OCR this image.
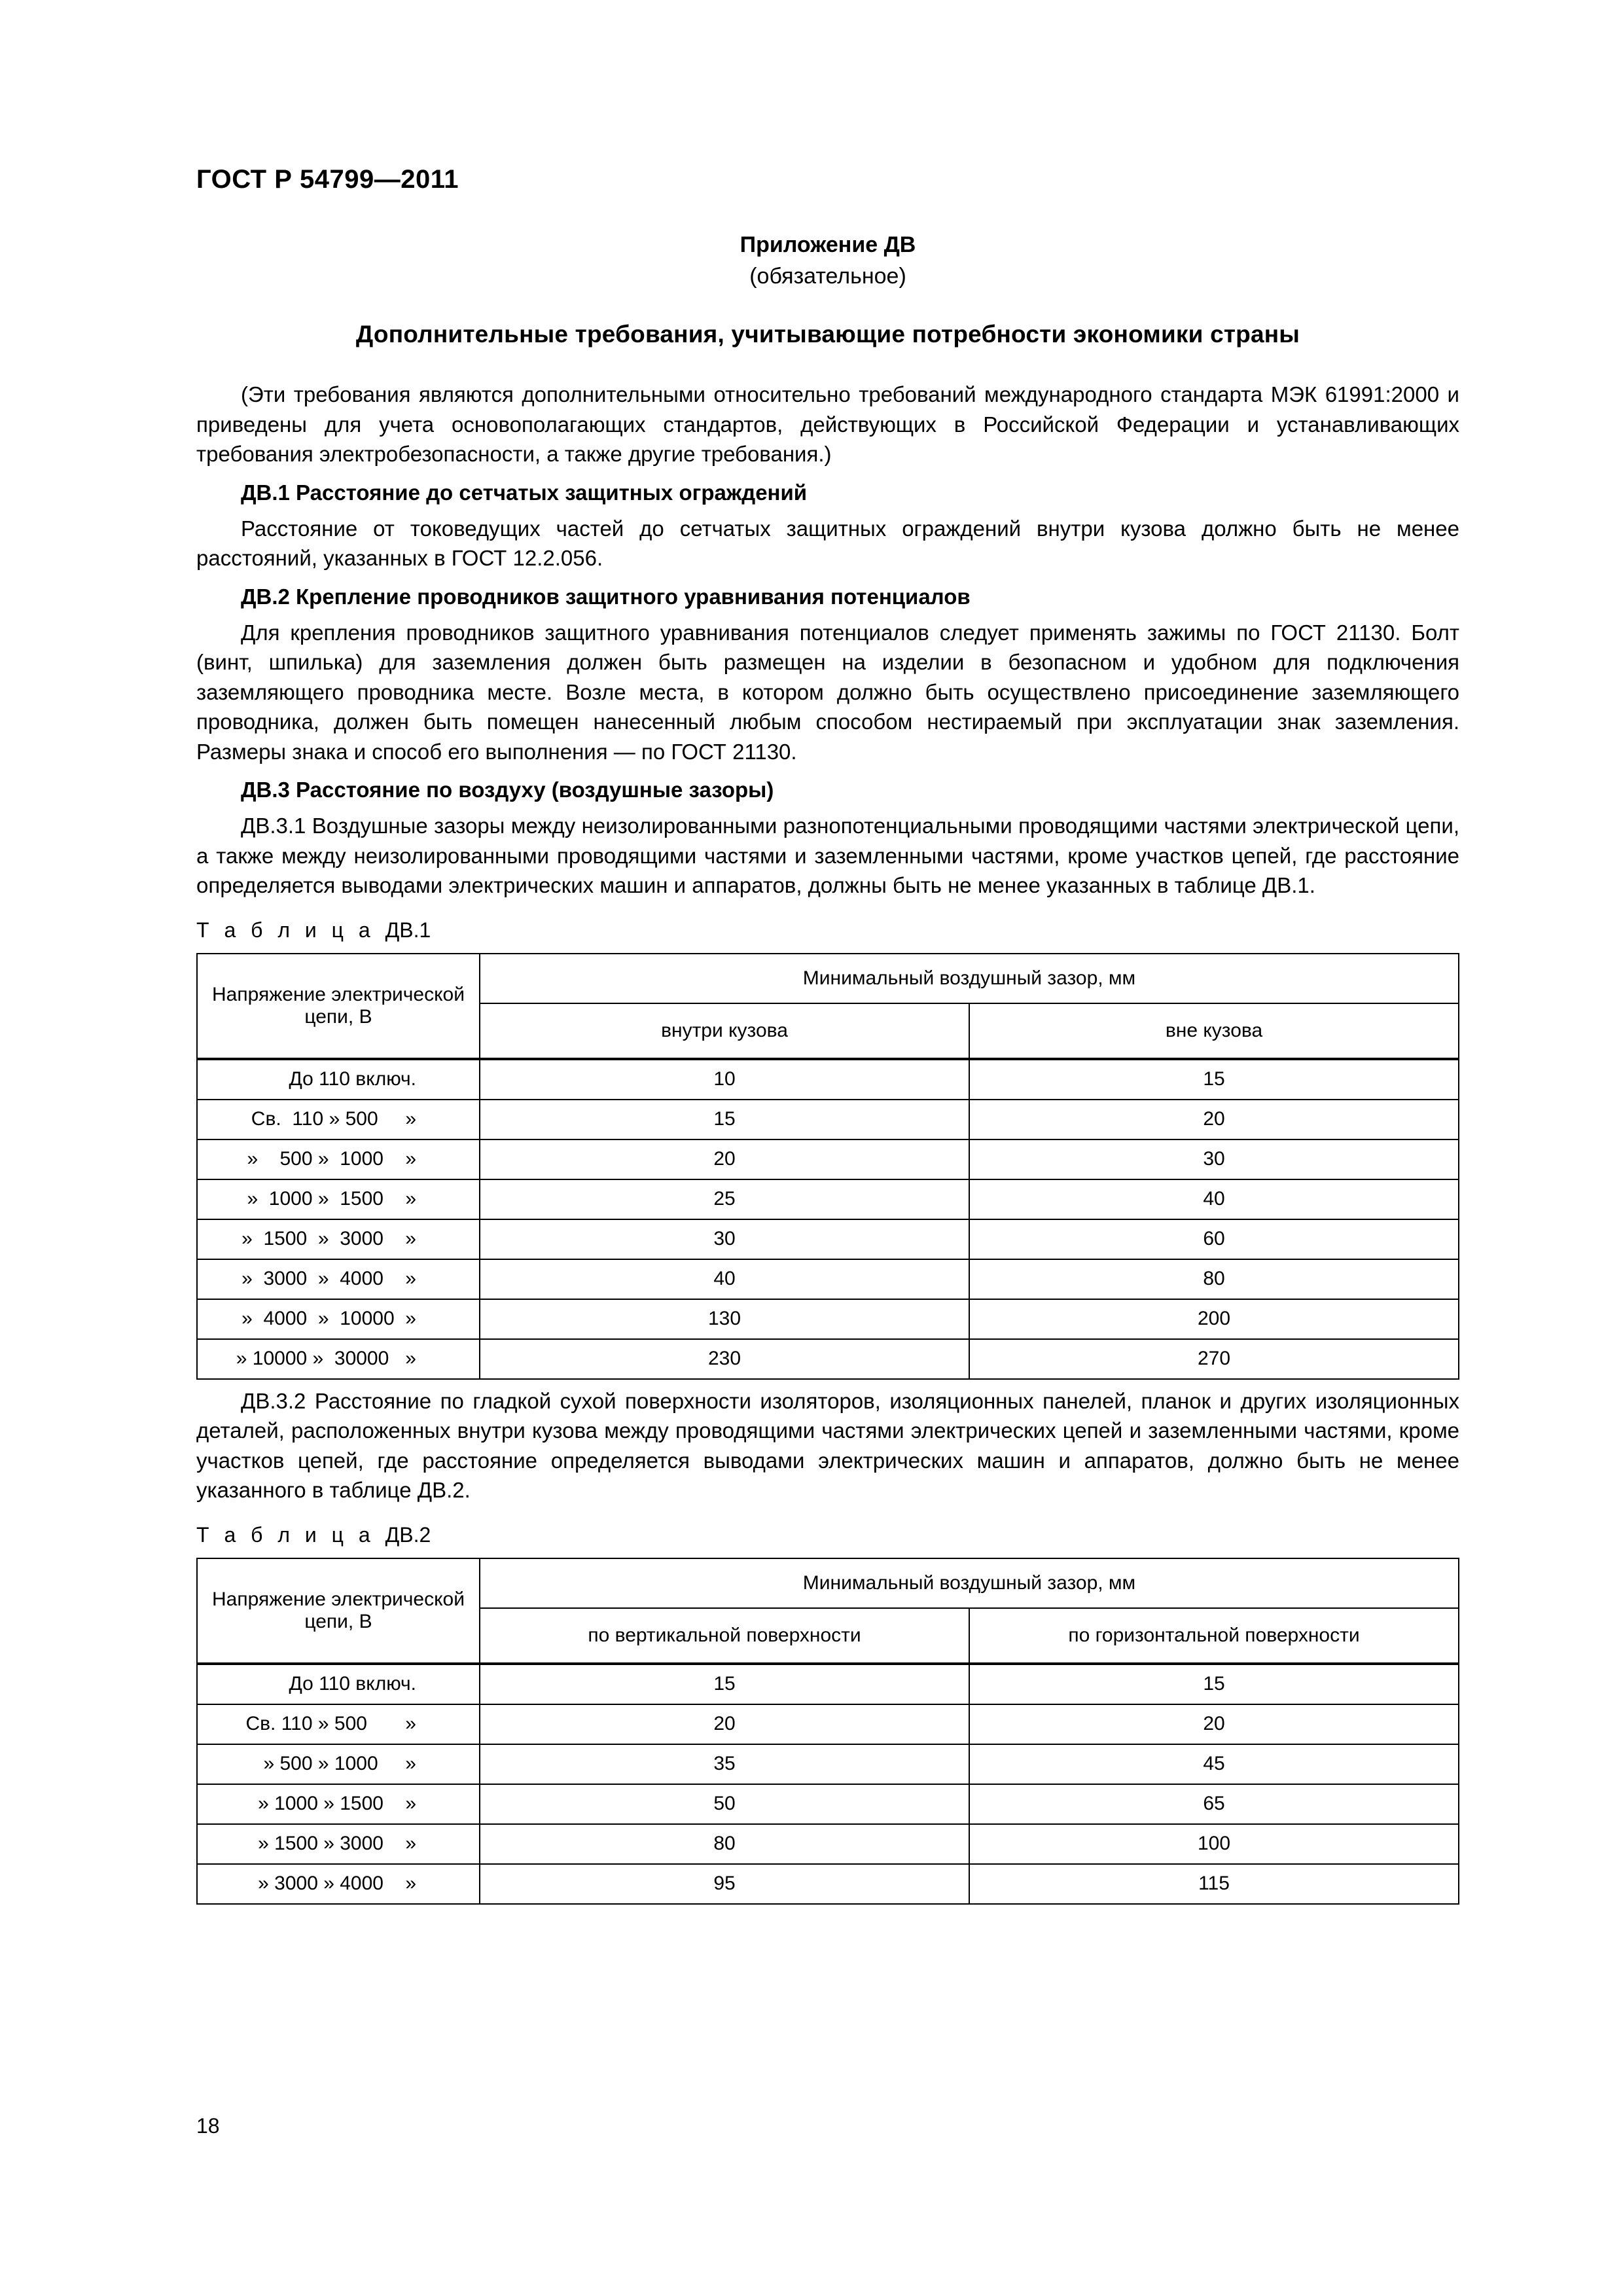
ГОСТ Р 54799—2011
Приложение ДВ
(обязательное)
Дополнительные требования, учитывающие потребности экономики страны

(Эти требования являются дополнительными относительно требований международного стандарта МЭК 61991:2000 и приведены для учета основополагающих стандартов, действующих в Российской Федерации и устанавливающих требования электробезопасности, а также другие требования.)

ДВ.1 Расстояние до сетчатых защитных ограждений

Расстояние от токоведущих частей до сетчатых защитных ограждений внутри кузова должно быть не менее расстояний, указанных в ГОСТ 12.2.056.

ДВ.2 Крепление проводников защитного уравнивания потенциалов

Для крепления проводников защитного уравнивания потенциалов следует применять зажимы по ГОСТ 21130. Болт (винт, шпилька) для заземления должен быть размещен на изделии в безопасном и удобном для подключения заземляющего проводника месте. Возле места, в котором должно быть осуществлено присоединение заземляющего проводника, должен быть помещен нанесенный любым способом нестираемый при эксплуатации знак заземления. Размеры знака и способ его выполнения — по ГОСТ 21130.

ДВ.3 Расстояние по воздуху (воздушные зазоры)

ДВ.3.1 Воздушные зазоры между неизолированными разнопотенциальными проводящими частями электрической цепи, а также между неизолированными проводящими частями и заземленными частями, кроме участков цепей, где расстояние определяется выводами электрических машин и аппаратов, должны быть не менее указанных в таблице ДВ.1.

Т а б л и ц а ДВ.1

Напряжение электрической цепи, В	Минимальный воздушный зазор, мм	
	внутри кузова	вне кузова
До 110 включ.	10	15
Св.  110 » 500     »	15	20
»    500 »  1000    »	20	30
»  1000 »  1500    »	25	40
»  1500  »  3000    »	30	60
»  3000  »  4000    »	40	80
»  4000  »  10000  »	130	200
» 10000 »  30000   »	230	270

ДВ.3.2 Расстояние по гладкой сухой поверхности изоляторов, изоляционных панелей, планок и других изоляционных деталей, расположенных внутри кузова между проводящими частями электрических цепей и заземленными частями, кроме участков цепей, где расстояние определяется выводами электрических машин и аппаратов, должно быть не менее указанного в таблице ДВ.2.

Т а б л и ц а ДВ.2

Напряжение электрической цепи, В	Минимальный воздушный зазор, мм	
	по вертикальной поверхности	по горизонтальной поверхности
До 110 включ.	15	15
Св. 110 » 500       »	20	20
» 500 » 1000     »	35	45
» 1000 » 1500    »	50	65
» 1500 » 3000    »	80	100
» 3000 » 4000    »	95	115
18
